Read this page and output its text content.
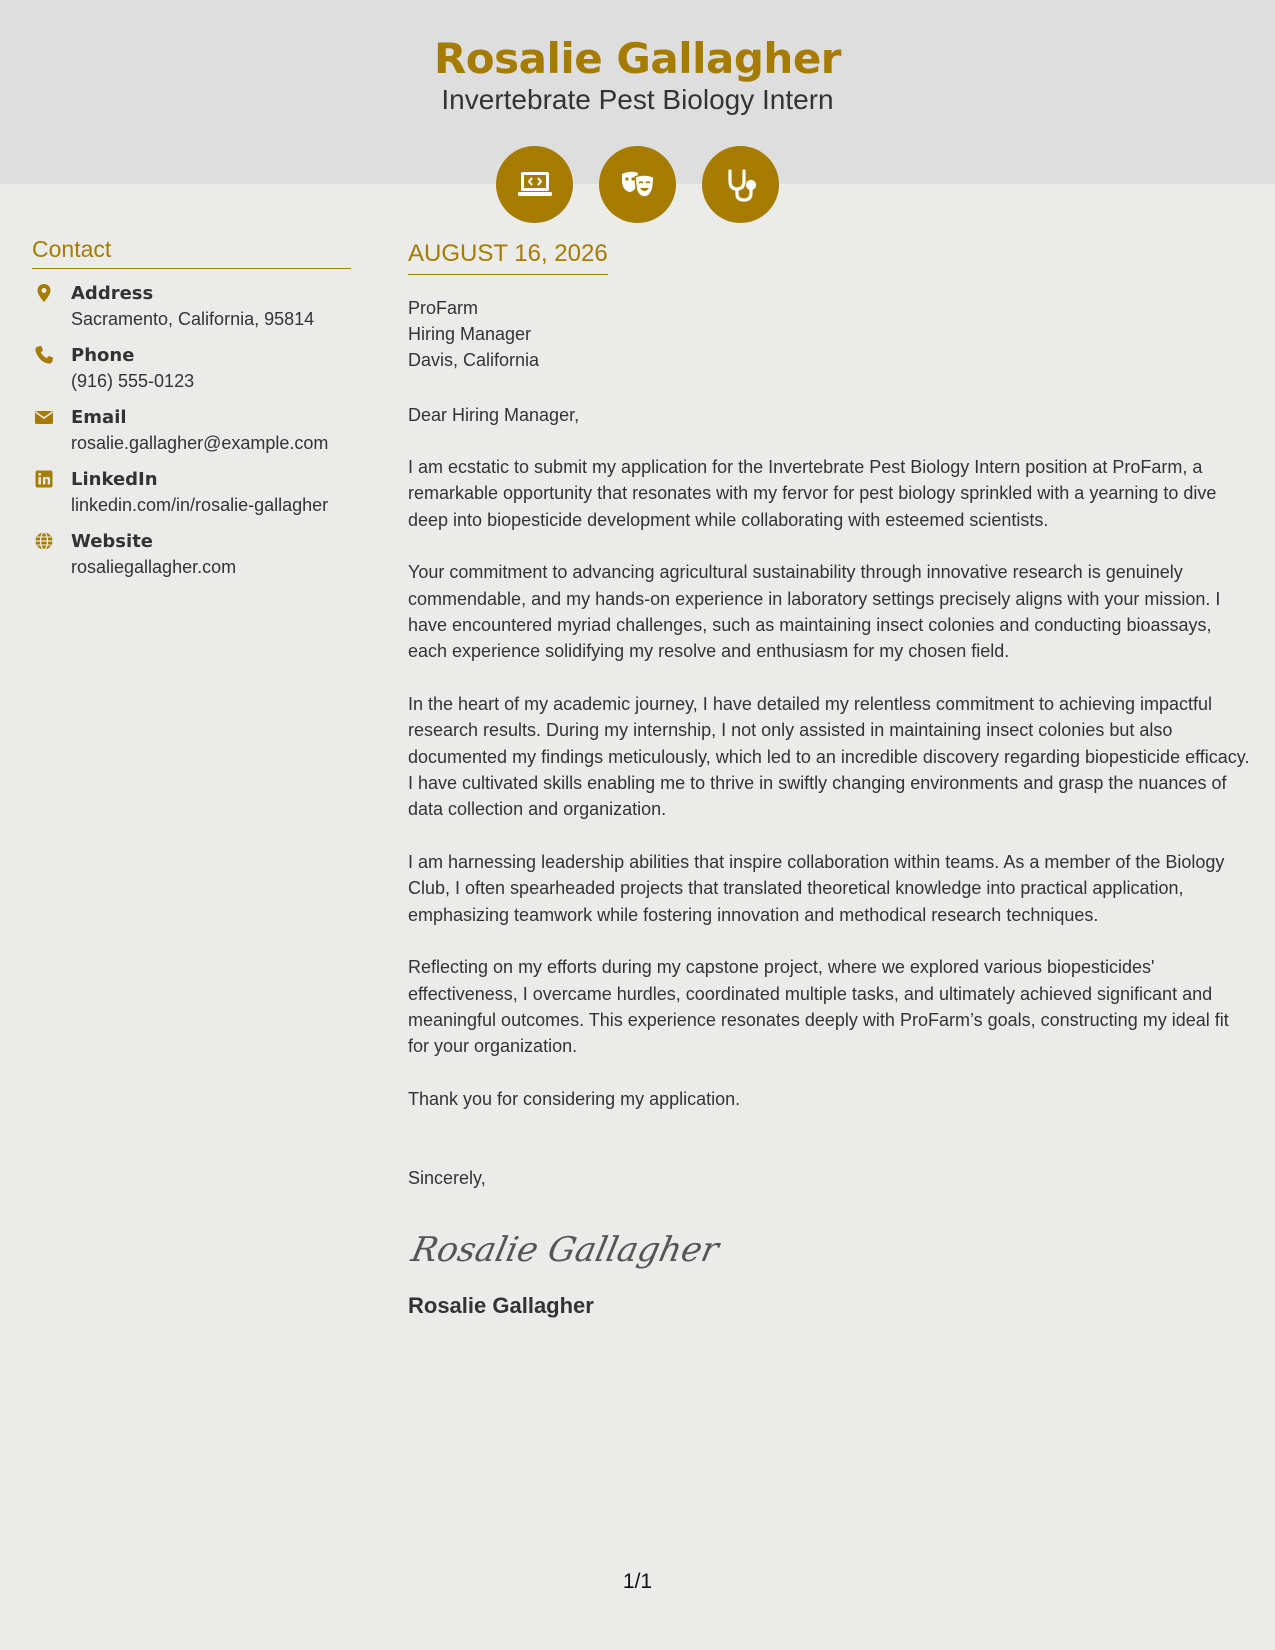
Rosalie Gallagher
Invertebrate Pest Biology Intern
Contact
Address
Sacramento, California, 95814
Phone
(916) 555-0123
Email
rosalie.gallagher@example.com
LinkedIn
linkedin.com/in/rosalie-gallagher
Website
rosaliegallagher.com
AUGUST 16, 2026
ProFarm
Hiring Manager
Davis, California
Dear Hiring Manager,
I am ecstatic to submit my application for the Invertebrate Pest Biology Intern position at ProFarm, a remarkable opportunity that resonates with my fervor for pest biology sprinkled with a yearning to dive deep into biopesticide development while collaborating with esteemed scientists.
Your commitment to advancing agricultural sustainability through innovative research is genuinely commendable, and my hands-on experience in laboratory settings precisely aligns with your mission. I have encountered myriad challenges, such as maintaining insect colonies and conducting bioassays, each experience solidifying my resolve and enthusiasm for my chosen field.
In the heart of my academic journey, I have detailed my relentless commitment to achieving impactful research results. During my internship, I not only assisted in maintaining insect colonies but also documented my findings meticulously, which led to an incredible discovery regarding biopesticide efficacy. I have cultivated skills enabling me to thrive in swiftly changing environments and grasp the nuances of data collection and organization.
I am harnessing leadership abilities that inspire collaboration within teams. As a member of the Biology Club, I often spearheaded projects that translated theoretical knowledge into practical application, emphasizing teamwork while fostering innovation and methodical research techniques.
Reflecting on my efforts during my capstone project, where we explored various biopesticides' effectiveness, I overcame hurdles, coordinated multiple tasks, and ultimately achieved significant and meaningful outcomes. This experience resonates deeply with ProFarm’s goals, constructing my ideal fit for your organization.
Thank you for considering my application.
Sincerely,
Rosalie Gallagher
Rosalie Gallagher
1/1
